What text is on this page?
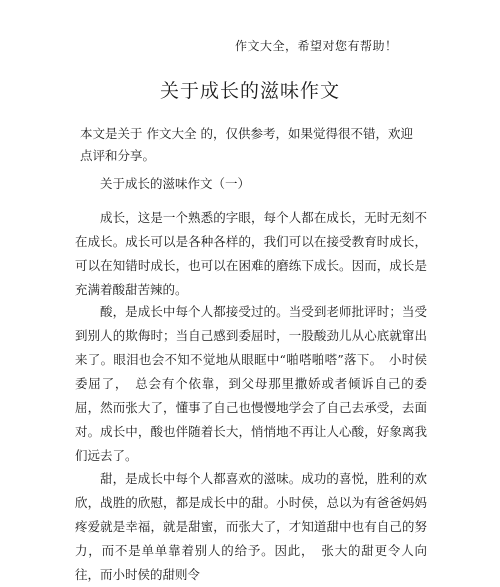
作文大全，希望对您有帮助！
关于成长的滋味作文
本文是关于 作文大全 的，仅供参考，如果觉得很不错，欢迎点评和分享。
关于成长的滋味作文（一）
成长，这是一个熟悉的字眼，每个人都在成长，无时无刻不在成长。成长可以是各种各样的，我们可以在接受教育时成长，可以在知错时成长，也可以在困难的磨练下成长。因而，成长是充满着酸甜苦辣的。
酸，是成长中每个人都接受过的。当受到老师批评时；当受到别人的欺侮时；当自己感到委屈时，一股酸劲儿从心底就窜出来了。眼泪也会不知不觉地从眼眶中“啪嗒啪嗒”落下。　小时侯委屈了，　总会有个依靠，到父母那里撒娇或者倾诉自己的委屈，然而张大了，懂事了自己也慢慢地学会了自己去承受，去面对。成长中，酸也伴随着长大，悄悄地不再让人心酸，好象离我们远去了。
甜，是成长中每个人都喜欢的滋味。成功的喜悦，胜利的欢欣，战胜的欣慰，都是成长中的甜。小时侯，总以为有爸爸妈妈疼爱就是幸福，就是甜蜜，而张大了，才知道甜中也有自己的努力，而不是单单靠着别人的给予。因此，　张大的甜更令人向往，而小时侯的甜则令
